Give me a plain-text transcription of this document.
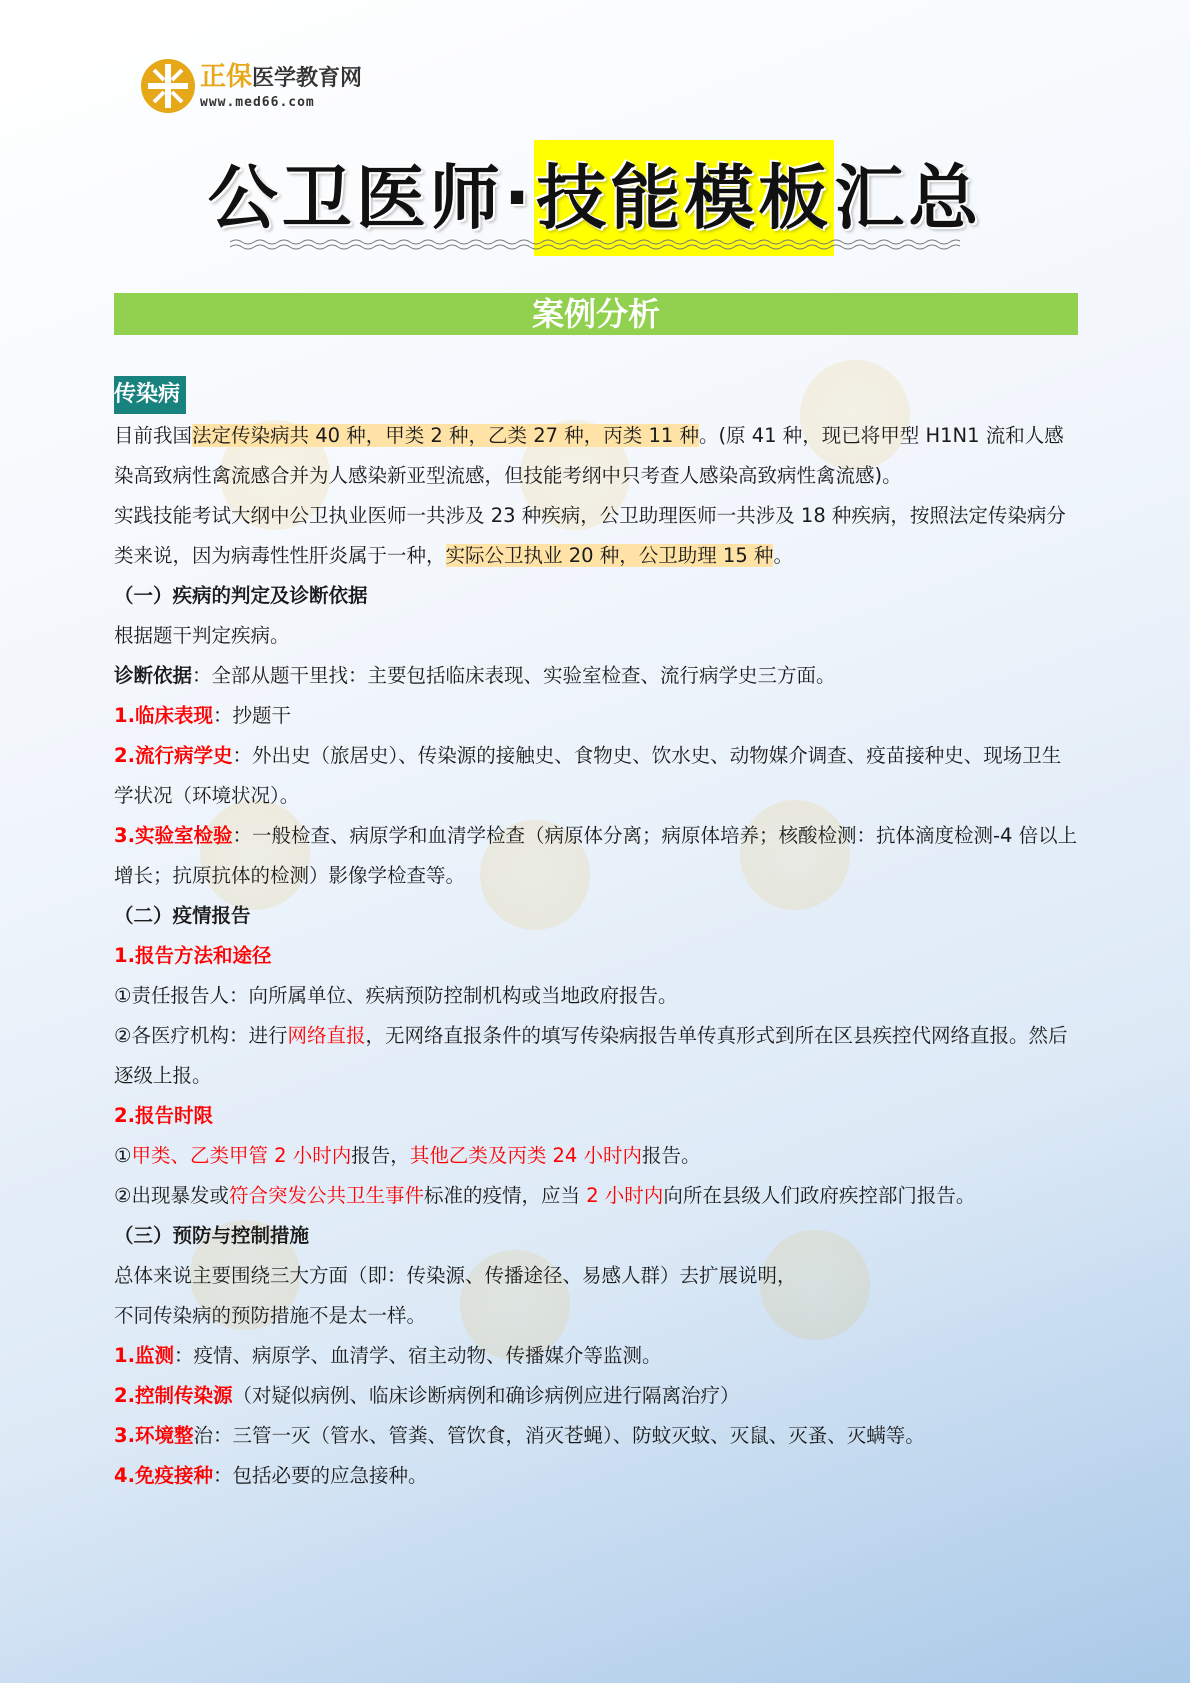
正保 医学教育网
www.med66.com
公卫医师·技能模板汇总
案例分析
传染病

目前我国法定传染病共 40 种，甲类 2 种，乙类 27 种，丙类 11 种。(原 41 种，现已将甲型 H1N1 流和人感染高致病性禽流感合并为人感染新亚型流感，但技能考纲中只考查人感染高致病性禽流感)。

实践技能考试大纲中公卫执业医师一共涉及 23 种疾病，公卫助理医师一共涉及 18 种疾病，按照法定传染病分类来说，因为病毒性性肝炎属于一种，实际公卫执业 20 种，公卫助理 15 种。

（一）疾病的判定及诊断依据

根据题干判定疾病。

诊断依据：全部从题干里找：主要包括临床表现、实验室检查、流行病学史三方面。

1.临床表现：抄题干

2.流行病学史：外出史（旅居史）、传染源的接触史、食物史、饮水史、动物媒介调查、疫苗接种史、现场卫生学状况（环境状况）。

3.实验室检验：一般检查、病原学和血清学检查（病原体分离；病原体培养；核酸检测：抗体滴度检测-4 倍以上增长；抗原抗体的检测）影像学检查等。

（二）疫情报告

1.报告方法和途径

①责任报告人：向所属单位、疾病预防控制机构或当地政府报告。

②各医疗机构：进行网络直报，无网络直报条件的填写传染病报告单传真形式到所在区县疾控代网络直报。然后逐级上报。

2.报告时限

①甲类、乙类甲管 2 小时内报告，其他乙类及丙类 24 小时内报告。

②出现暴发或符合突发公共卫生事件标准的疫情，应当 2 小时内向所在县级人们政府疾控部门报告。

（三）预防与控制措施

总体来说主要围绕三大方面（即：传染源、传播途径、易感人群）去扩展说明，

不同传染病的预防措施不是太一样。

1.监测：疫情、病原学、血清学、宿主动物、传播媒介等监测。

2.控制传染源（对疑似病例、临床诊断病例和确诊病例应进行隔离治疗）

3.环境整治：三管一灭（管水、管粪、管饮食，消灭苍蝇）、防蚊灭蚊、灭鼠、灭蚤、灭螨等。

4.免疫接种：包括必要的应急接种。
